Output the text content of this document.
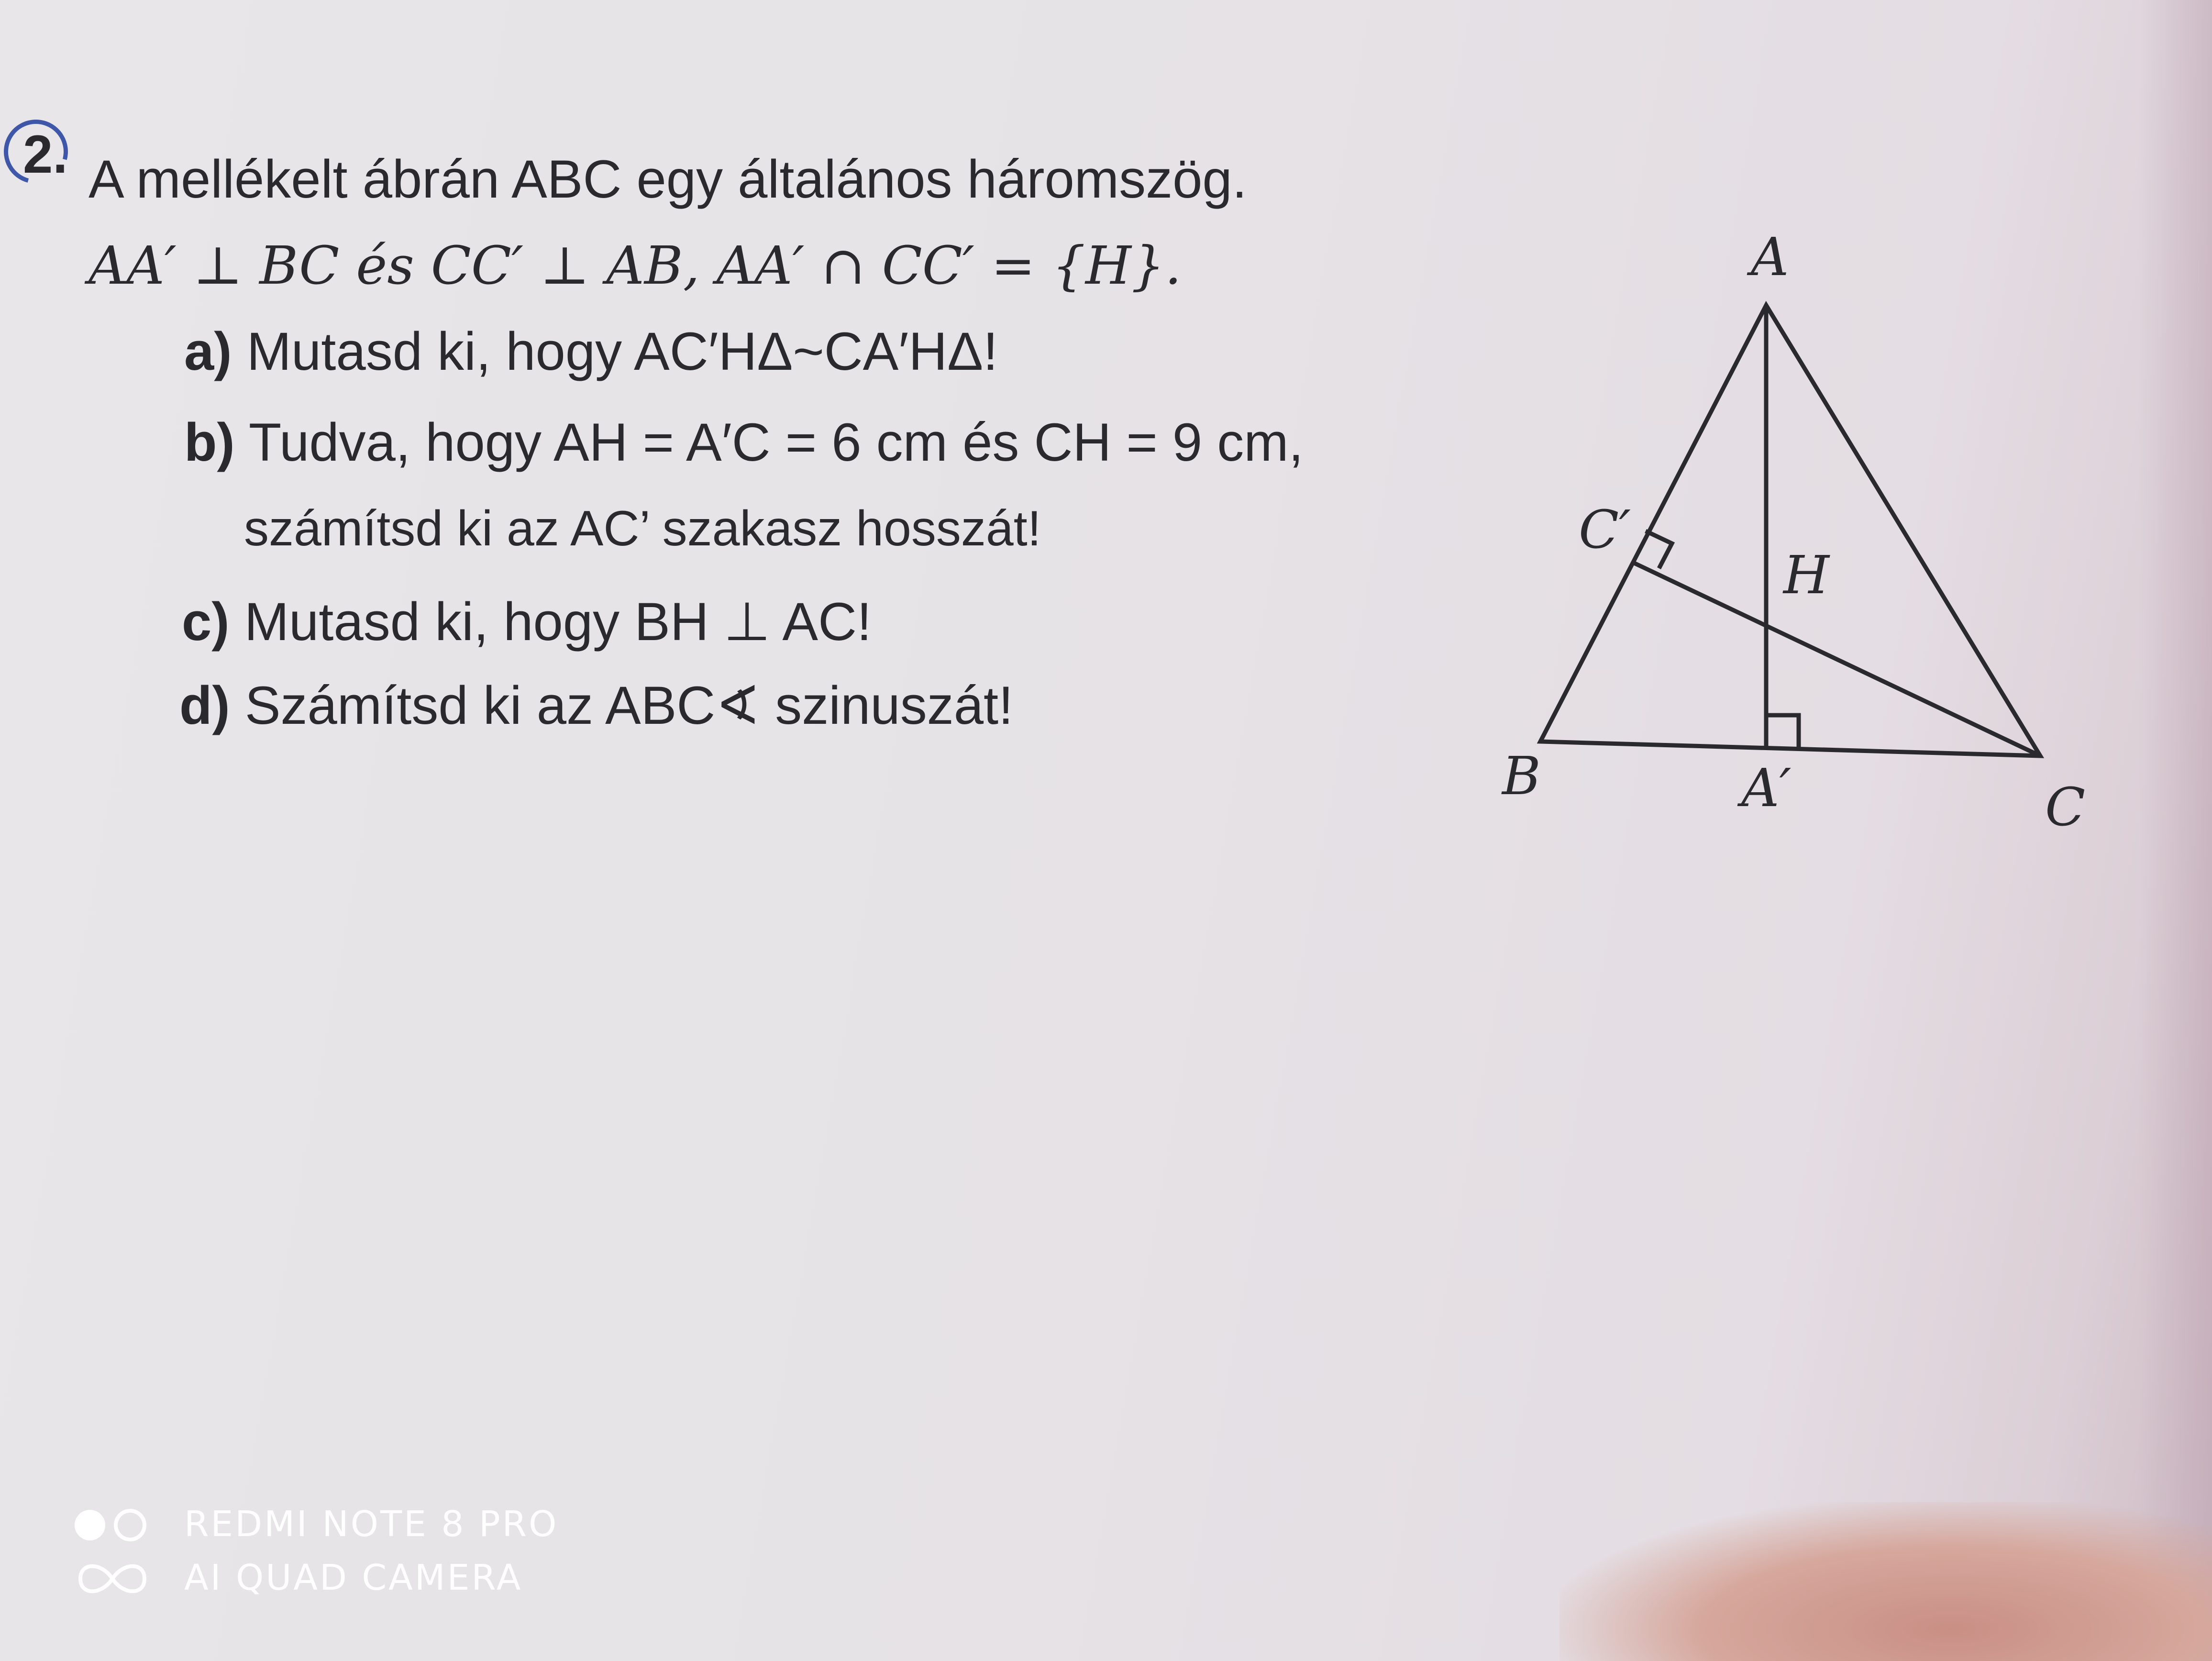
2. A mellékelt ábrán ABC egy általános háromszög.
AA′ ⊥ BC és CC′ ⊥ AB, AA′ ∩ CC′ = {H}.
a) Mutasd ki, hogy AC′HΔ~CA′HΔ!
b) Tudva, hogy AH = A′C = 6 cm és CH = 9 cm,
számítsd ki az AC’ szakasz hosszát!
c) Mutasd ki, hogy BH ⊥ AC!
d) Számítsd ki az ABC∢ szinuszát!
A
B
C
A′
C′
H
REDMI NOTE 8 PRO
AI QUAD CAMERA
